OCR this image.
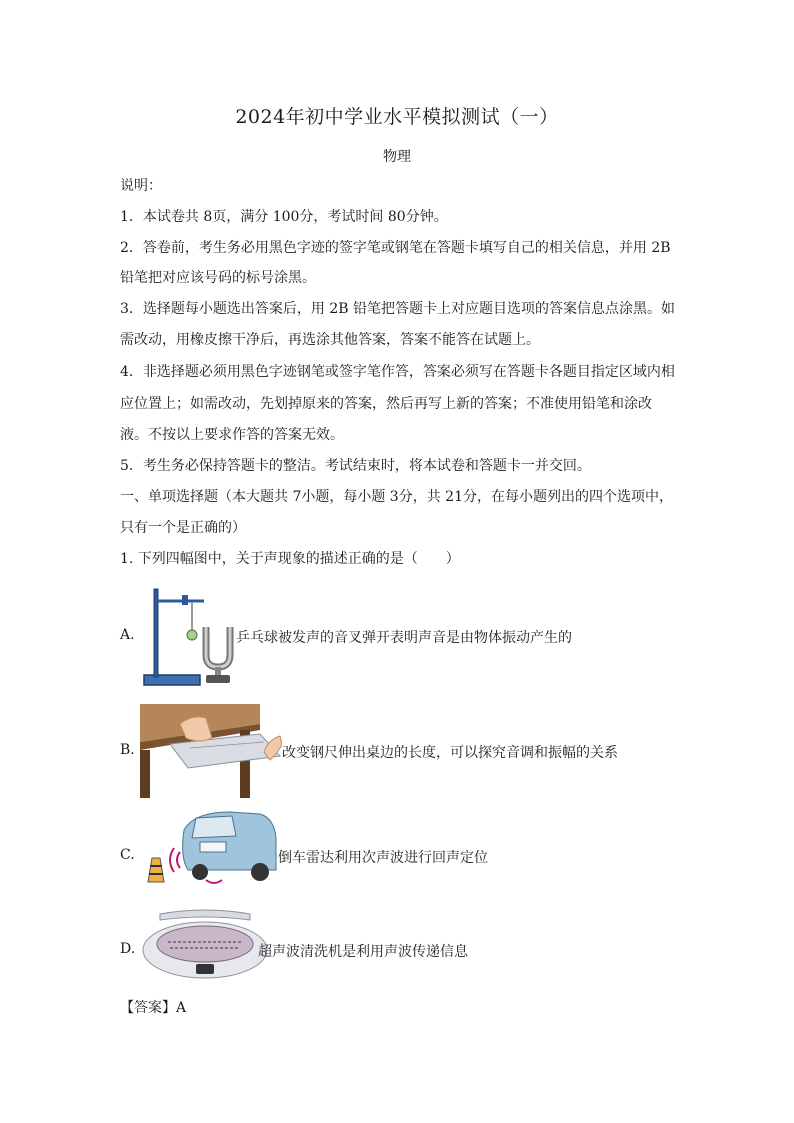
2024年初中学业水平模拟测试（一）
物理
说明：
1．本试卷共 8页，满分 100分，考试时间 80分钟。
2．答卷前，考生务必用黑色字迹的签字笔或钢笔在答题卡填写自己的相关信息，并用 2B
铅笔把对应该号码的标号涂黑。
3．选择题每小题选出答案后，用 2B 铅笔把答题卡上对应题目选项的答案信息点涂黑。如
需改动，用橡皮擦干净后，再选涂其他答案，答案不能答在试题上。
4．非选择题必须用黑色字迹钢笔或签字笔作答，答案必须写在答题卡各题目指定区域内相
应位置上；如需改动，先划掉原来的答案，然后再写上新的答案；不准使用铅笔和涂改
液。不按以上要求作答的答案无效。
5．考生务必保持答题卡的整洁。考试结束时，将本试卷和答题卡一并交回。
一、单项选择题（本大题共 7小题，每小题 3分，共 21分，在每小题列出的四个选项中，
只有一个是正确的）
1. 下列四幅图中，关于声现象的描述正确的是（　　）
A.	乒乓球被发声的音叉弹开表明声音是由物体振动产生的
B.	改变钢尺伸出桌边的长度，可以探究音调和振幅的关系
C.	倒车雷达利用次声波进行回声定位
D.	超声波清洗机是利用声波传递信息
【答案】A
